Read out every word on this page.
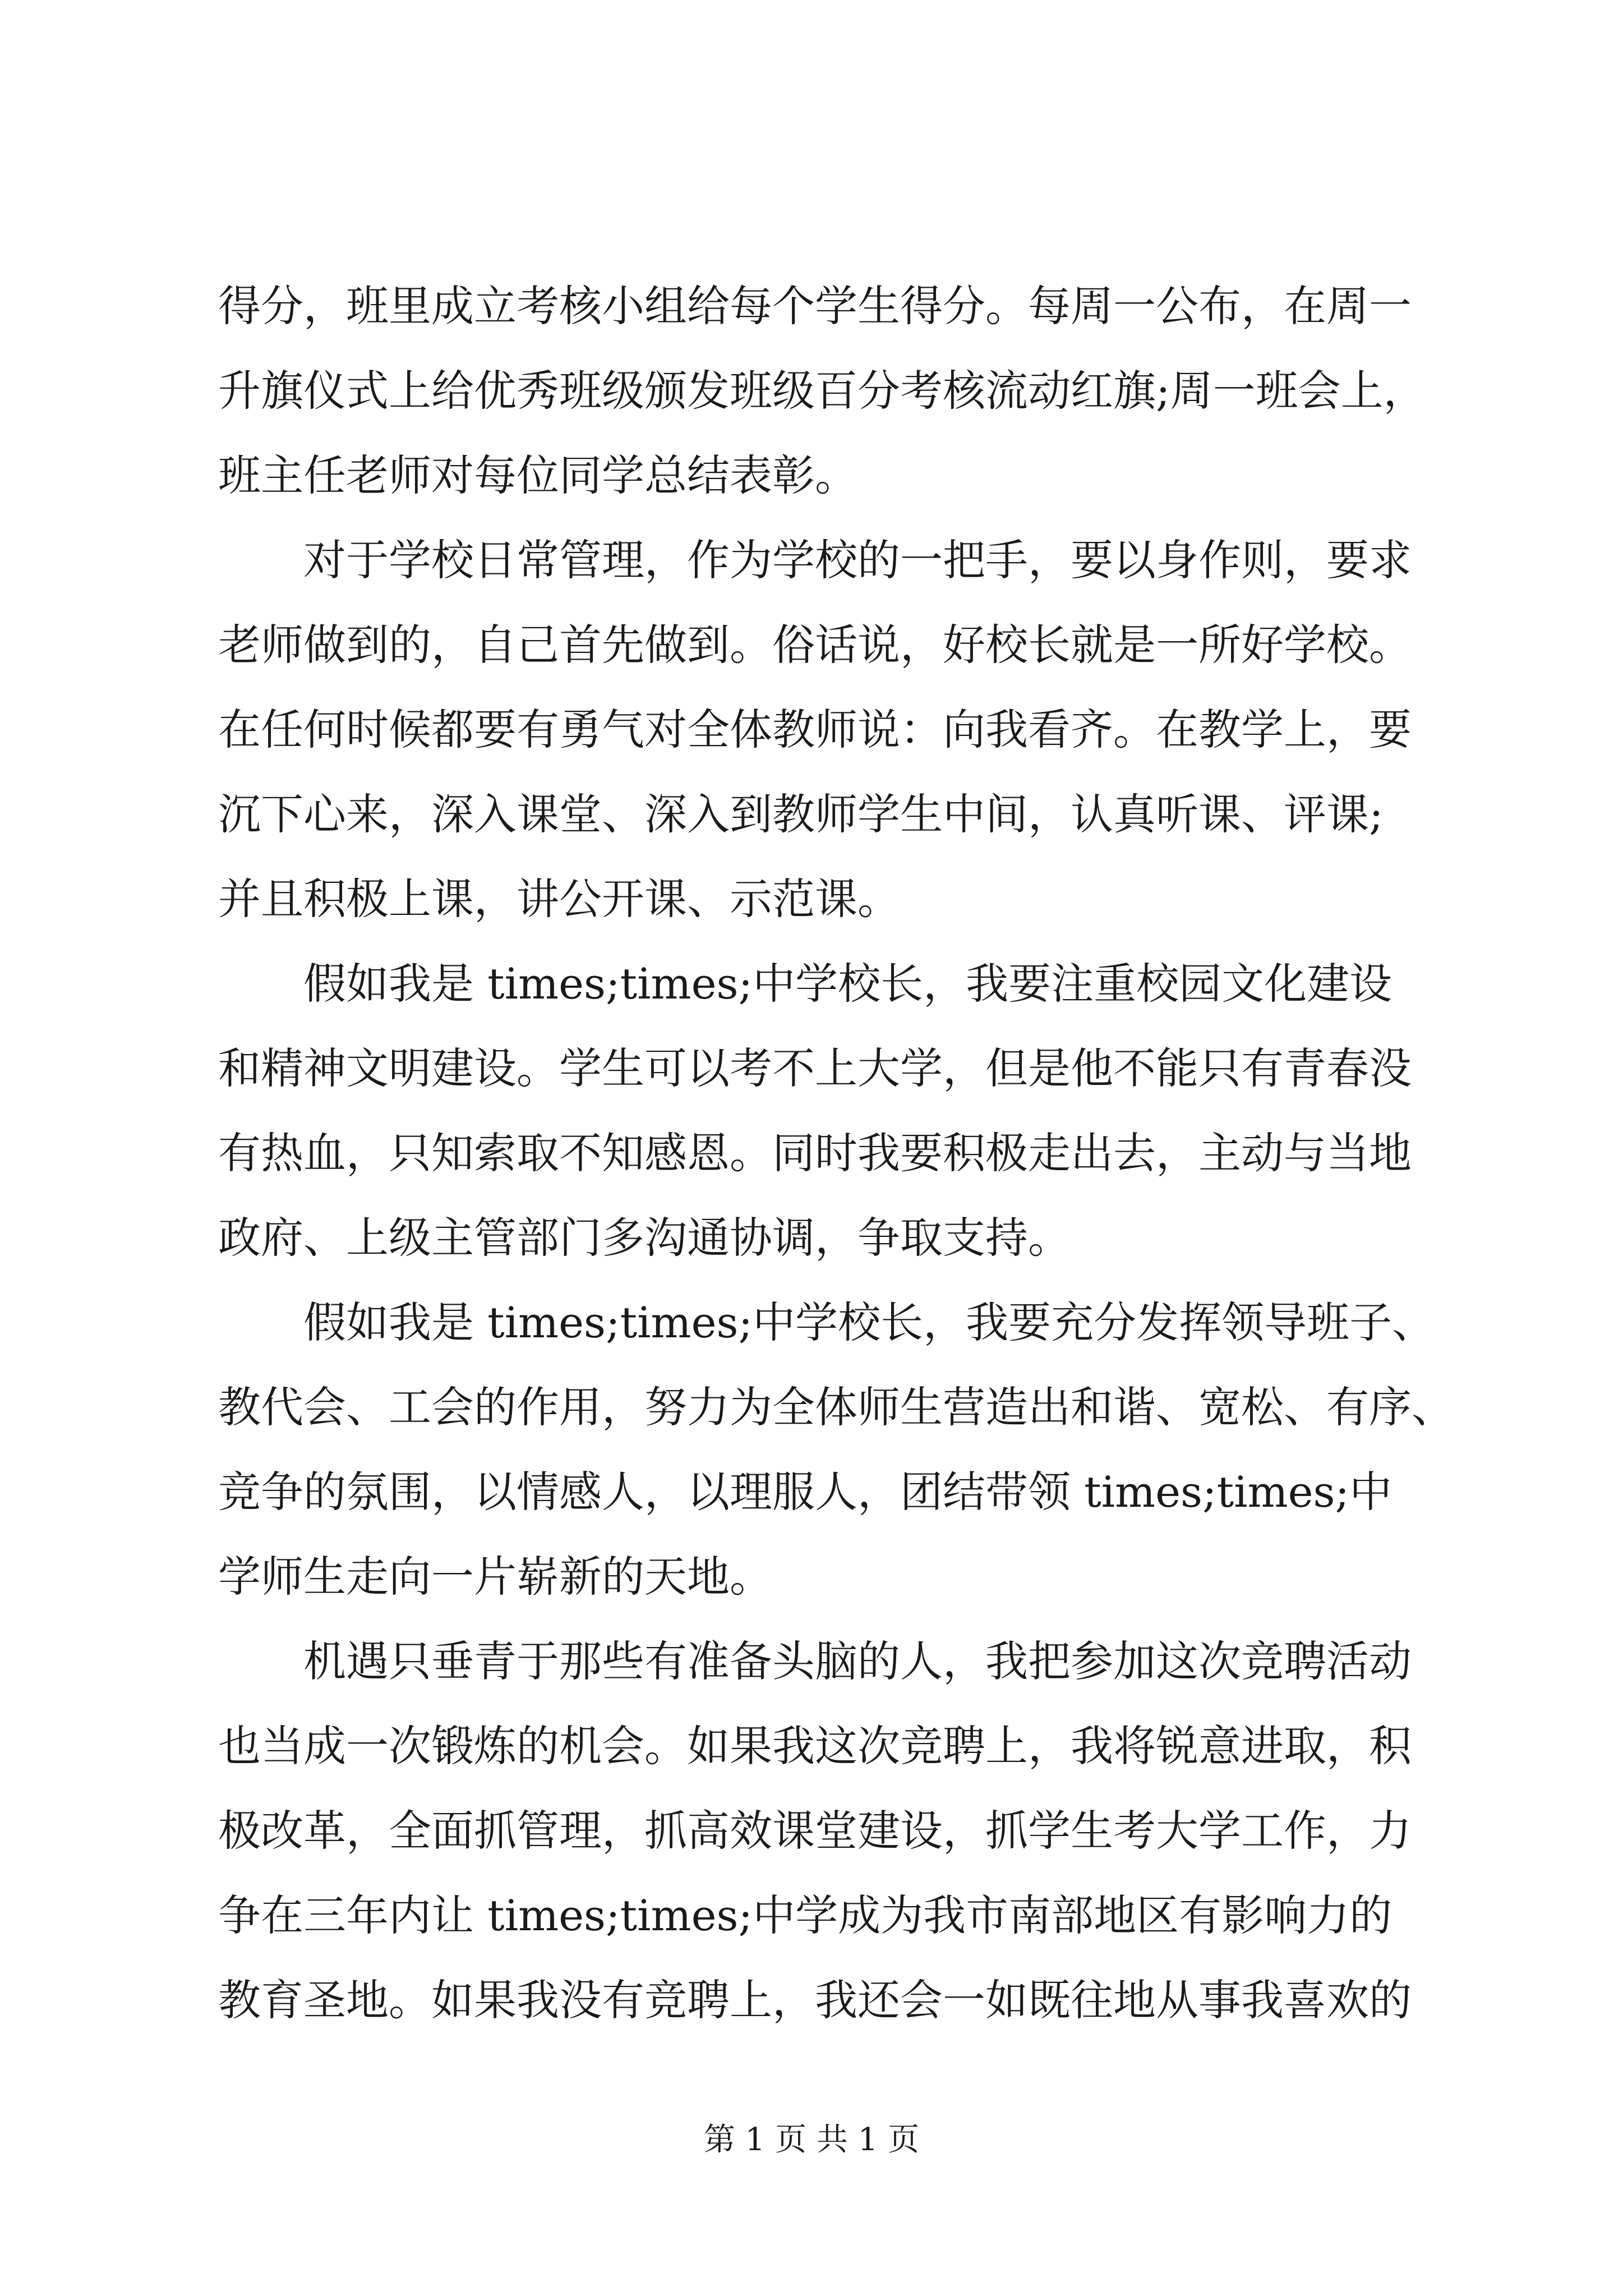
得分，班里成立考核小组给每个学生得分。每周一公布，在周一
升旗仪式上给优秀班级颁发班级百分考核流动红旗;周一班会上，
班主任老师对每位同学总结表彰。
　　对于学校日常管理，作为学校的一把手，要以身作则，要求
老师做到的，自己首先做到。俗话说，好校长就是一所好学校。
在任何时候都要有勇气对全体教师说：向我看齐。在教学上，要
沉下心来，深入课堂、深入到教师学生中间，认真听课、评课;
并且积极上课，讲公开课、示范课。
　　假如我是 times;times;中学校长，我要注重校园文化建设
和精神文明建设。学生可以考不上大学，但是他不能只有青春没
有热血，只知索取不知感恩。同时我要积极走出去，主动与当地
政府、上级主管部门多沟通协调，争取支持。
　　假如我是 times;times;中学校长，我要充分发挥领导班子、
教代会、工会的作用，努力为全体师生营造出和谐、宽松、有序、
竞争的氛围，以情感人，以理服人，团结带领 times;times;中
学师生走向一片崭新的天地。
　　机遇只垂青于那些有准备头脑的人，我把参加这次竞聘活动
也当成一次锻炼的机会。如果我这次竞聘上，我将锐意进取，积
极改革，全面抓管理，抓高效课堂建设，抓学生考大学工作，力
争在三年内让 times;times;中学成为我市南部地区有影响力的
教育圣地。如果我没有竞聘上，我还会一如既往地从事我喜欢的
第 1 页 共 1 页
